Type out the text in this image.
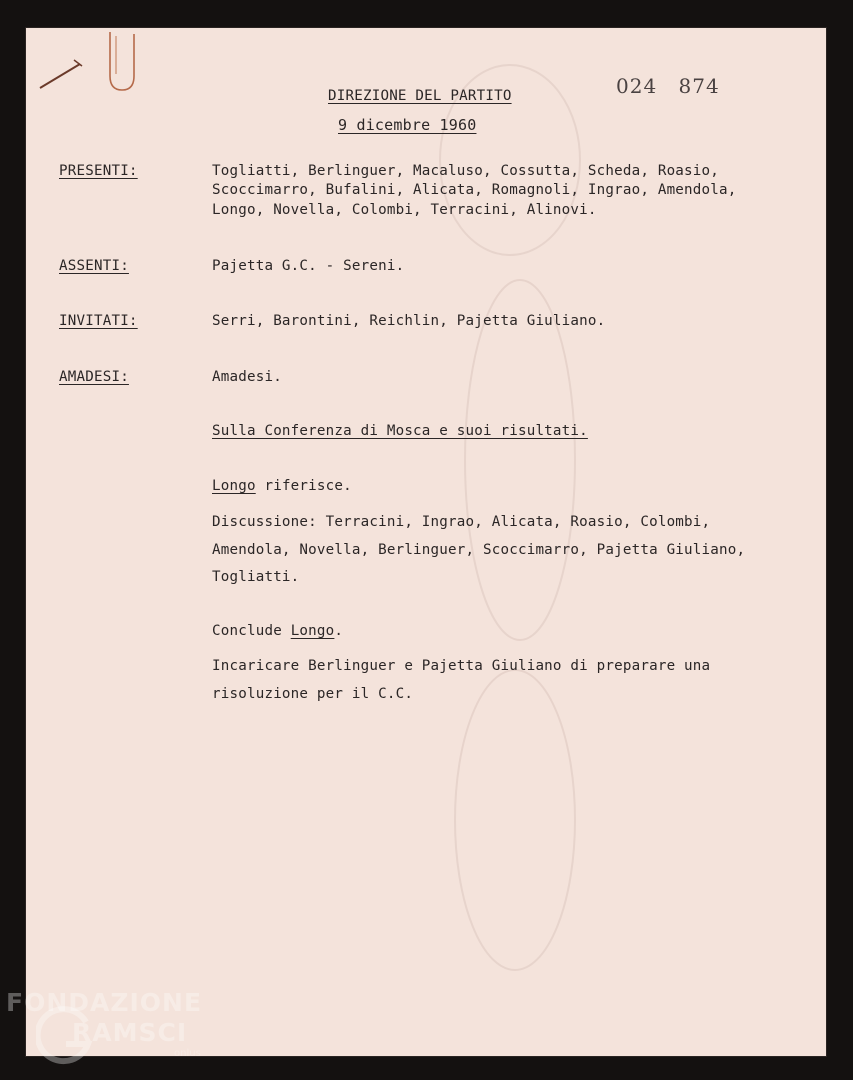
024 874
DIREZIONE DEL PARTITO
9 dicembre 1960
PRESENTI:	Togliatti, Berlinguer, Macaluso, Cossutta, Scheda, Roasio,
Scoccimarro, Bufalini, Alicata, Romagnoli, Ingrao, Amendola,
Longo, Novella, Colombi, Terracini, Alinovi.
ASSENTI:	Pajetta G.C. - Sereni.
INVITATI:	Serri, Barontini, Reichlin, Pajetta Giuliano.
AMADESI:	Amadesi.
Sulla Conferenza di Mosca e suoi risultati.
Longo riferisce.
Discussione: Terracini, Ingrao, Alicata, Roasio, Colombi,
Amendola, Novella, Berlinguer, Scoccimarro, Pajetta Giuliano,
Togliatti.
Conclude Longo.
Incaricare Berlinguer e Pajetta Giuliano di preparare una
risoluzione per il C.C.
FONDAZIONE
RAMSCI
onlus
